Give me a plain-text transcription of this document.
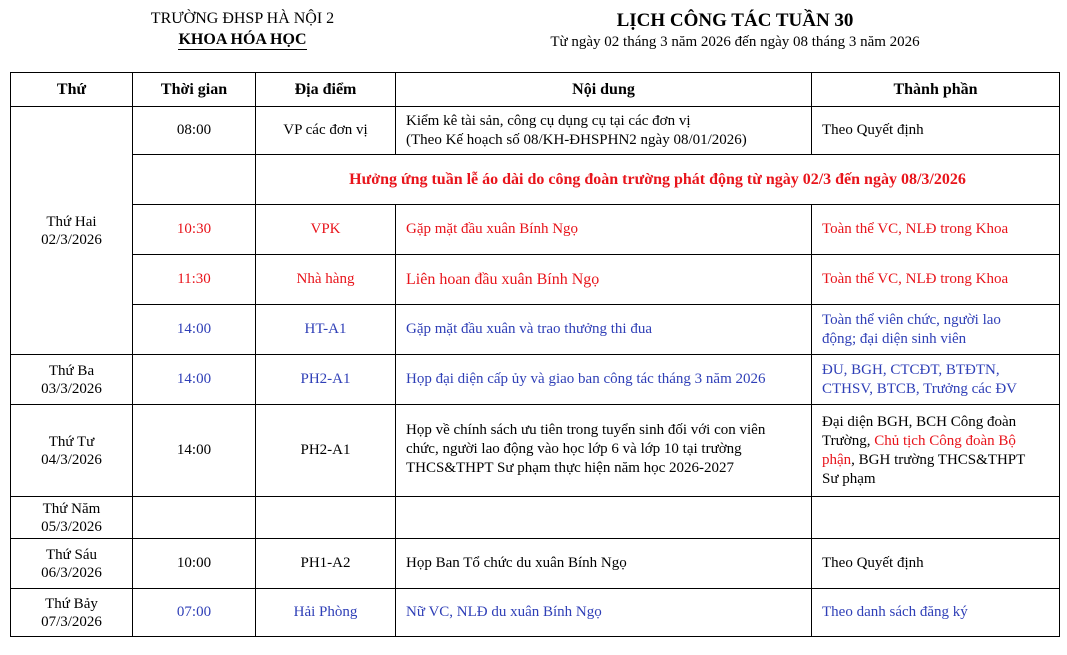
TRƯỜNG ĐHSP HÀ NỘI 2
KHOA HÓA HỌC
LỊCH CÔNG TÁC TUẦN 30
Từ ngày 02 tháng 3 năm 2026 đến ngày 08 tháng 3 năm 2026
Thứ	Thời gian	Địa điểm	Nội dung	Thành phần

Thứ Hai
02/3/2026	08:00	VP các đơn vị	Kiểm kê tài sản, công cụ dụng cụ tại các đơn vị
(Theo Kế hoạch số 08/KH-ĐHSPHN2 ngày 08/01/2026)	Theo Quyết định
		Hưởng ứng tuần lễ áo dài do công đoàn trường phát động từ ngày 02/3 đến ngày 08/3/2026		
	10:30	VPK	Gặp mặt đầu xuân Bính Ngọ	Toàn thể VC, NLĐ trong Khoa
	11:30	Nhà hàng	Liên hoan đầu xuân Bính Ngọ	Toàn thể VC, NLĐ trong Khoa
	14:00	HT-A1	Gặp mặt đầu xuân và trao thưởng thi đua	Toàn thể viên chức, người lao
động; đại diện sinh viên

Thứ Ba
03/3/2026	14:00	PH2-A1	Họp đại diện cấp ủy và giao ban công tác tháng 3 năm 2026	ĐU, BGH, CTCĐT, BTĐTN,
CTHSV, BTCB, Trưởng các ĐV

Thứ Tư
04/3/2026	14:00	PH2-A1	Họp về chính sách ưu tiên trong tuyển sinh đối với con viên
chức, người lao động vào học lớp 6 và lớp 10 tại trường
THCS&THPT Sư phạm thực hiện năm học 2026-2027	Đại diện BGH, BCH Công đoàn
Trường, Chủ tịch Công đoàn Bộ
phận, BGH trường THCS&THPT
Sư phạm

Thứ Năm
05/3/2026				

Thứ Sáu
06/3/2026	10:00	PH1-A2	Họp Ban Tổ chức du xuân Bính Ngọ	Theo Quyết định

Thứ Bảy
07/3/2026	07:00	Hải Phòng	Nữ VC, NLĐ du xuân Bính Ngọ	Theo danh sách đăng ký
